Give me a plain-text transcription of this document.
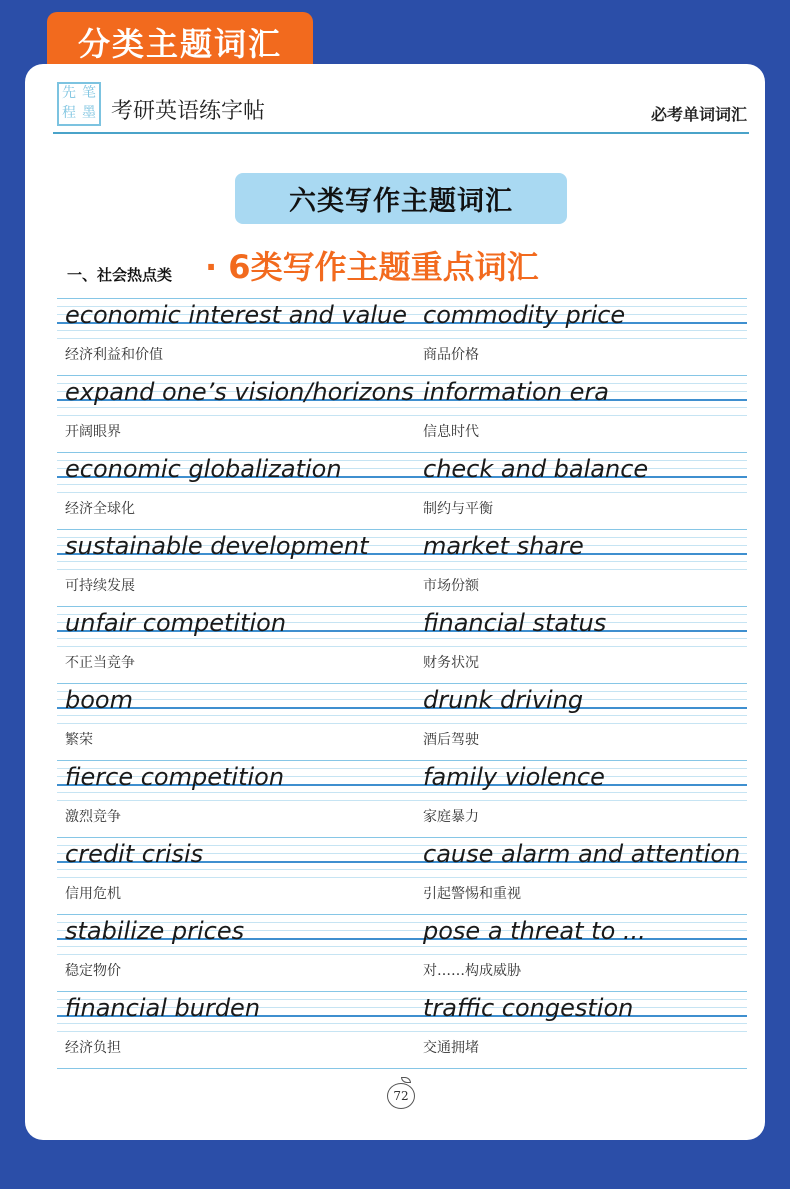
分类主题词汇
先 笔
程 墨 考研英语练字帖	必考单词词汇
六类写作主题词汇
一、社会热点类 · 6类写作主题重点词汇
economic interest and value
经济利益和价值
commodity price
商品价格
expand one’s vision/horizons
开阔眼界
information era
信息时代
economic globalization
经济全球化
check and balance
制约与平衡
sustainable development
可持续发展
market share
市场份额
unfair competition
不正当竞争
financial status
财务状况
boom
繁荣
drunk driving
酒后驾驶
fierce competition
激烈竞争
family violence
家庭暴力
credit crisis
信用危机
cause alarm and attention
引起警惕和重视
stabilize prices
稳定物价
pose a threat to ...
对……构成威胁
financial burden
经济负担
traffic congestion
交通拥堵
72
